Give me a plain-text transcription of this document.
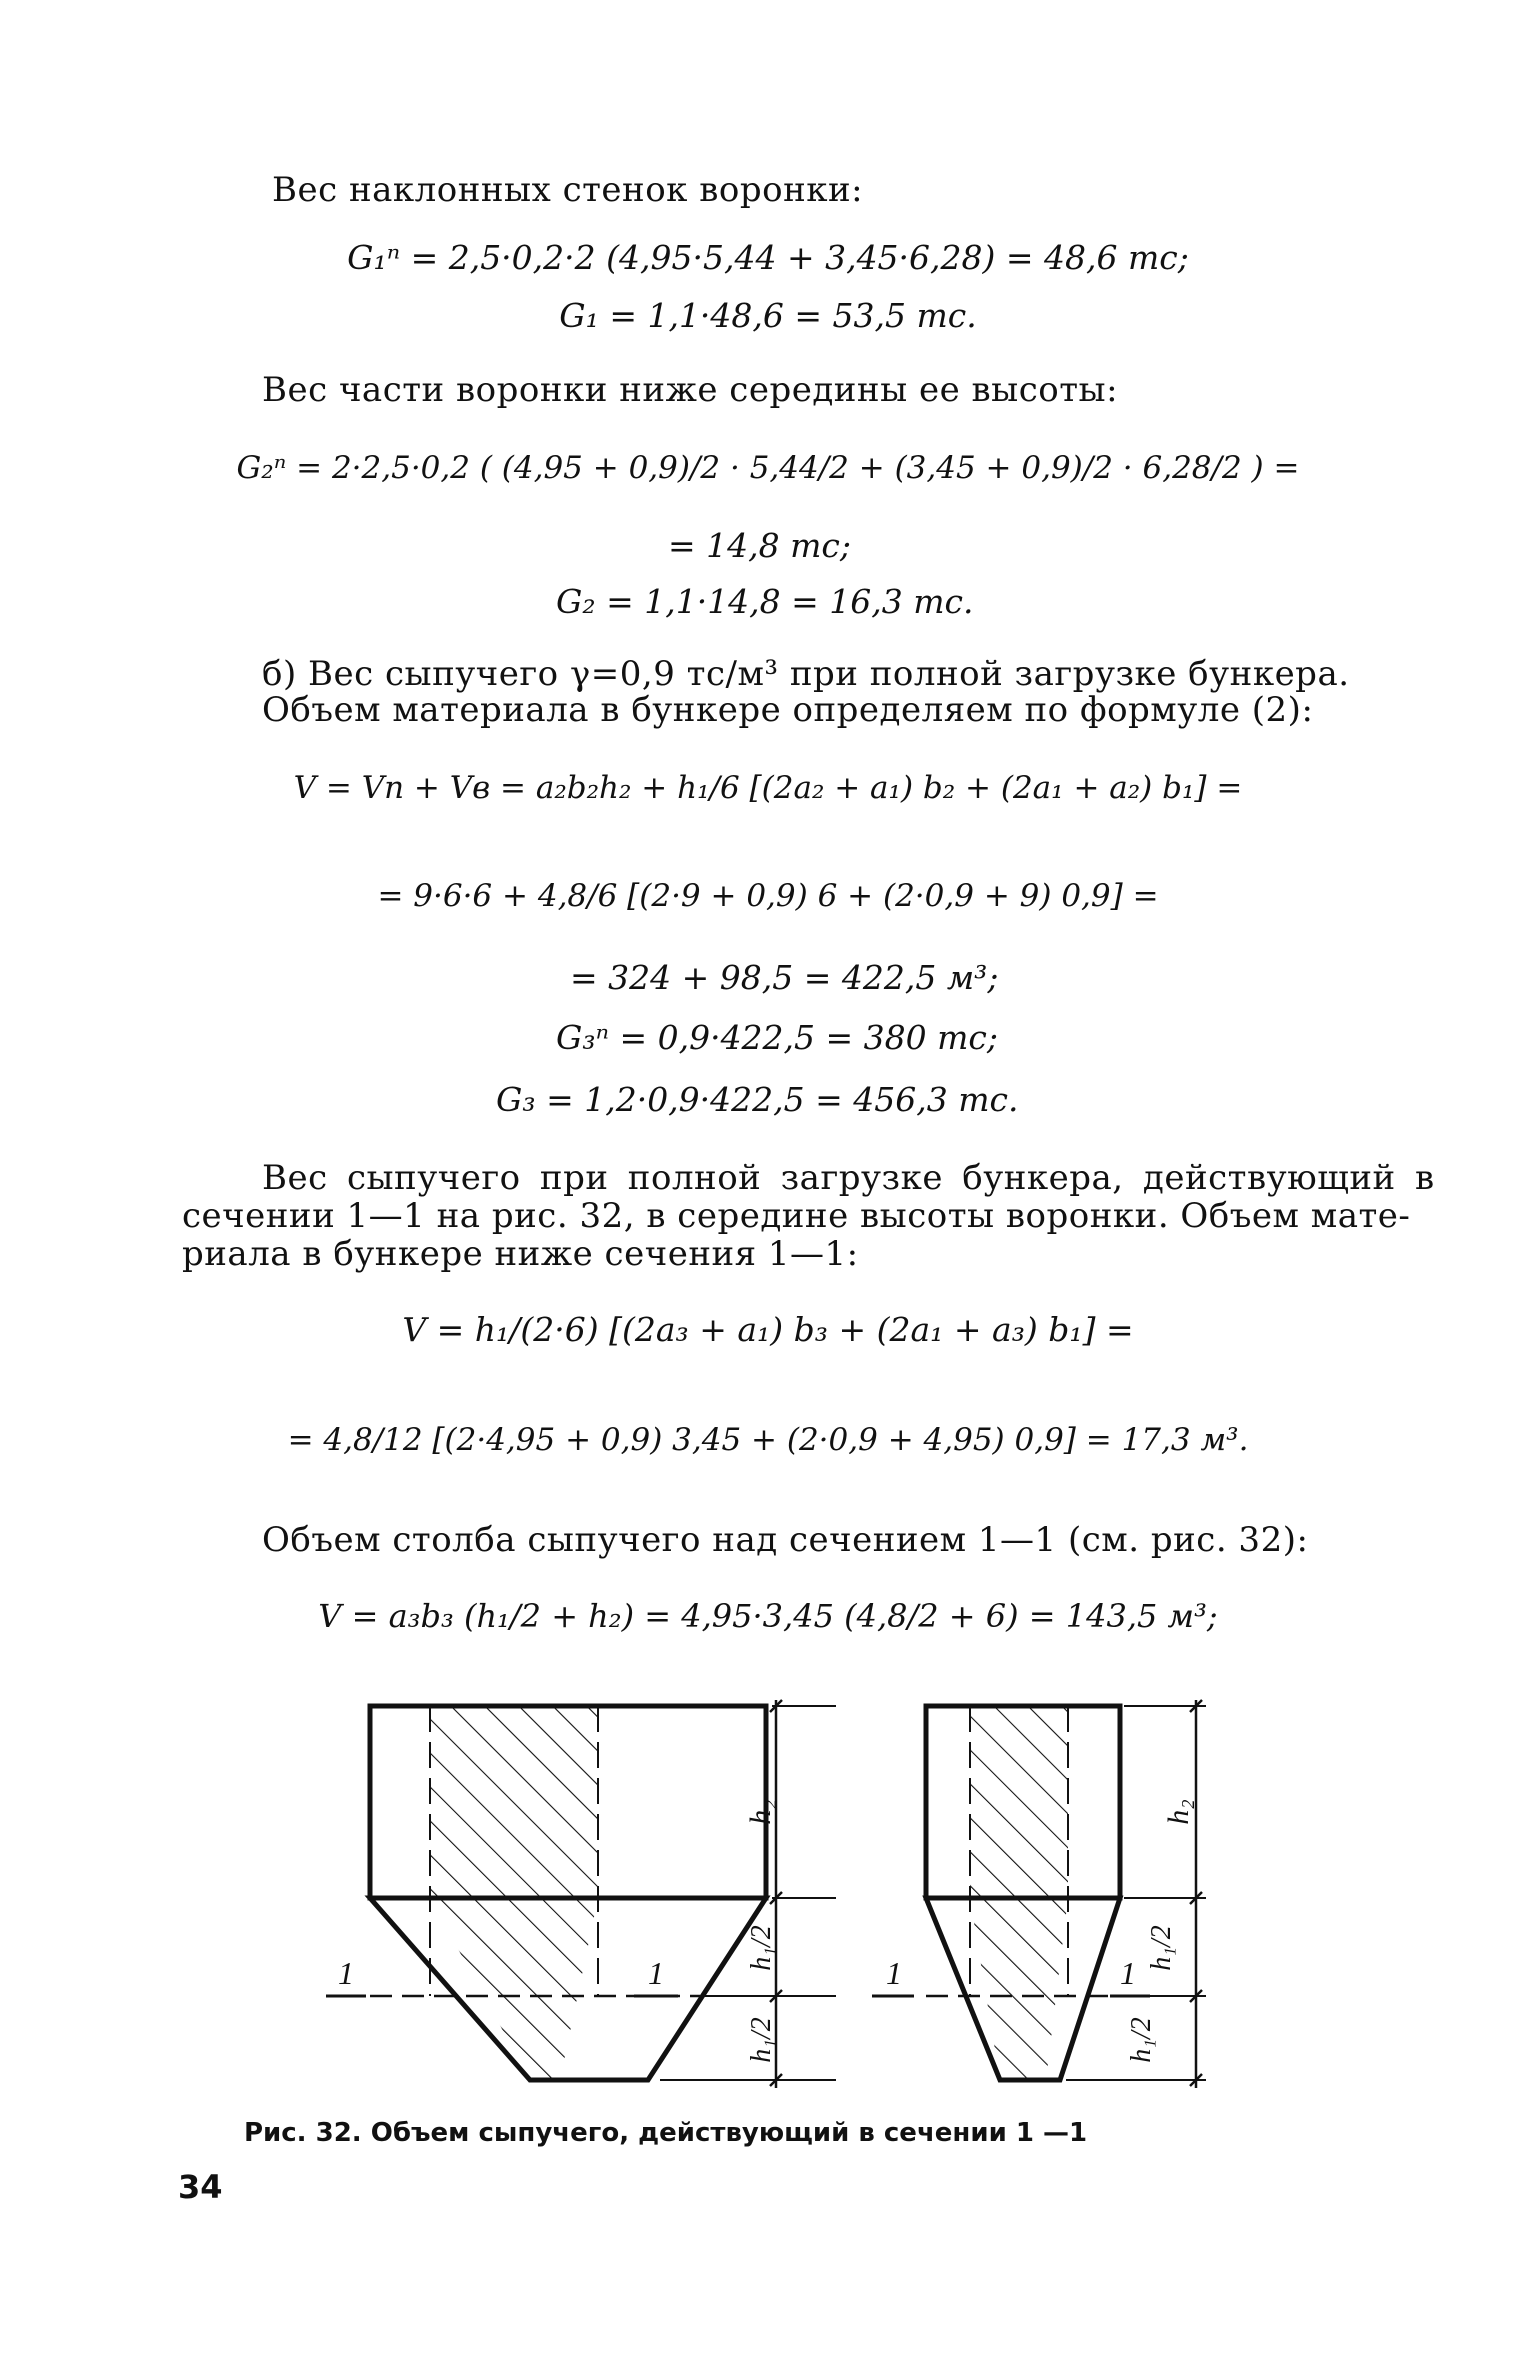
Вес наклонных стенок воронки:
G₁ⁿ = 2,5·0,2·2 (4,95·5,44 + 3,45·6,28) = 48,6 тс;
G₁ = 1,1·48,6 = 53,5 тс.
Вес части воронки ниже середины ее высоты:
G₂ⁿ = 2·2,5·0,2 ( (4,95 + 0,9)/2 · 5,44/2 + (3,45 + 0,9)/2 · 6,28/2 ) =
= 14,8 тс;
G₂ = 1,1·14,8 = 16,3 тс.
б) Вес сыпучего γ=0,9 тс/м³ при полной загрузке бункера.
Объем материала в бункере определяем по формуле (2):
V = Vп + Vв = a₂b₂h₂ + h₁/6 [(2a₂ + a₁) b₂ + (2a₁ + a₂) b₁] =
= 9·6·6 + 4,8/6 [(2·9 + 0,9) 6 + (2·0,9 + 9) 0,9] =
= 324 + 98,5 = 422,5 м³;
G₃ⁿ = 0,9·422,5 = 380 тс;
G₃ = 1,2·0,9·422,5 = 456,3 тс.
Вес сыпучего при полной загрузке бункера, действующий в
сечении 1—1 на рис. 32, в середине высоты воронки. Объем мате-
риала в бункере ниже сечения 1—1:
V = h₁/(2·6) [(2a₃ + a₁) b₃ + (2a₁ + a₃) b₁] =
= 4,8/12 [(2·4,95 + 0,9) 3,45 + (2·0,9 + 4,95) 0,9] = 17,3 м³.
Объем столба сыпучего над сечением 1—1 (см. рис. 32):
V = a₃b₃ (h₁/2 + h₂) = 4,95·3,45 (4,8/2 + 6) = 143,5 м³;
1	1
h₂
h₁/2
h₁/2
1	1
h₂
h₁/2
h₁/2
Рис. 32. Объем сыпучего, действующий в сечении 1 —1
34
